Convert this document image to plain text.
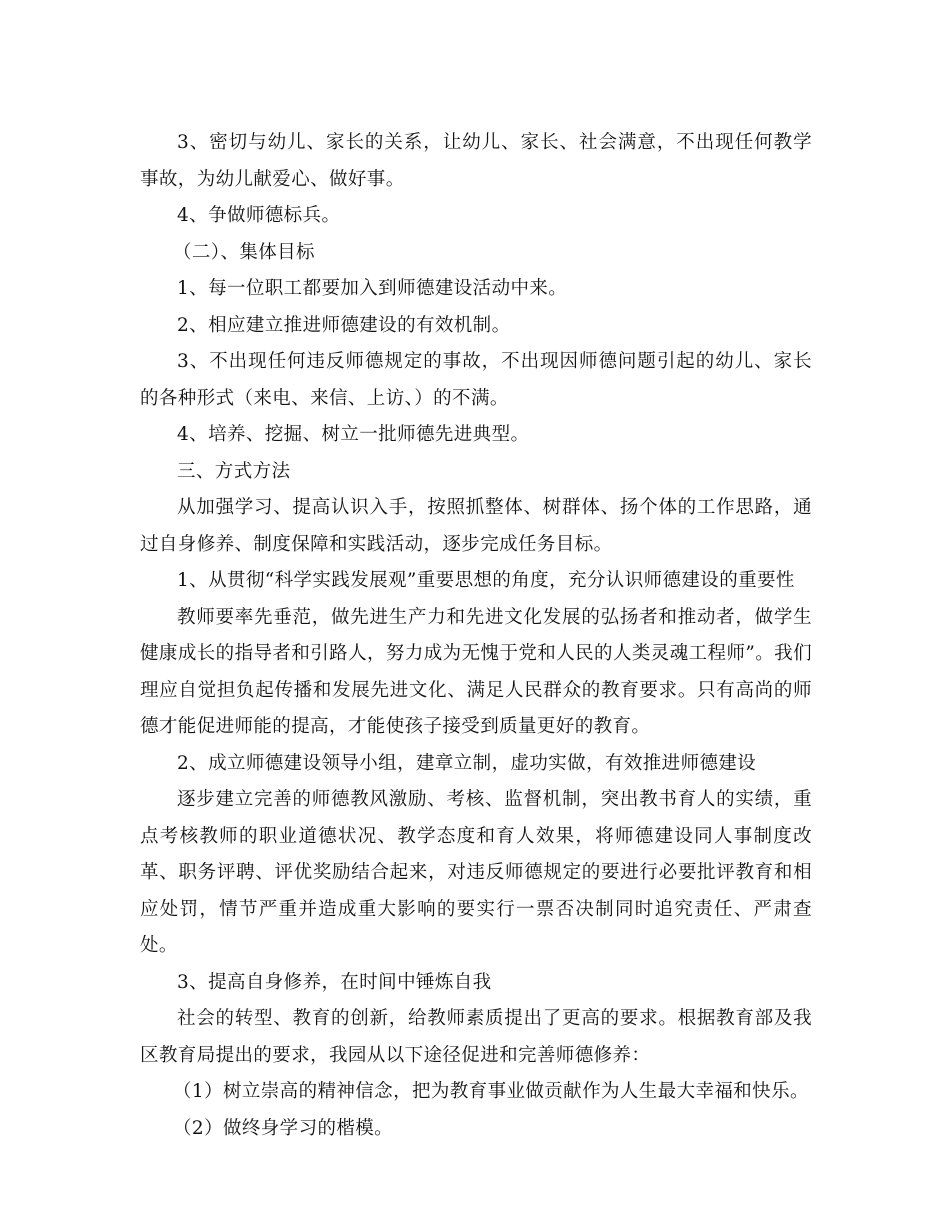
3、密切与幼儿、家长的关系，让幼儿、家长、社会满意，不出现任何教学事故，为幼儿献爱心、做好事。

4、争做师德标兵。

（二）、集体目标

1、每一位职工都要加入到师德建设活动中来。

2、相应建立推进师德建设的有效机制。

3、不出现任何违反师德规定的事故，不出现因师德问题引起的幼儿、家长的各种形式（来电、来信、上访、）的不满。

4、培养、挖掘、树立一批师德先进典型。

三、方式方法

从加强学习、提高认识入手，按照抓整体、树群体、扬个体的工作思路，通过自身修养、制度保障和实践活动，逐步完成任务目标。

1、从贯彻“科学实践发展观”重要思想的角度，充分认识师德建设的重要性

教师要率先垂范，做先进生产力和先进文化发展的弘扬者和推动者，做学生健康成长的指导者和引路人，努力成为无愧于党和人民的人类灵魂工程师”。我们理应自觉担负起传播和发展先进文化、满足人民群众的教育要求。只有高尚的师德才能促进师能的提高，才能使孩子接受到质量更好的教育。

2、成立师德建设领导小组，建章立制，虚功实做，有效推进师德建设

逐步建立完善的师德教风激励、考核、监督机制，突出教书育人的实绩，重点考核教师的职业道德状况、教学态度和育人效果，将师德建设同人事制度改革、职务评聘、评优奖励结合起来，对违反师德规定的要进行必要批评教育和相应处罚，情节严重并造成重大影响的要实行一票否决制同时追究责任、严肃查处。

3、提高自身修养，在时间中锤炼自我

社会的转型、教育的创新，给教师素质提出了更高的要求。根据教育部及我区教育局提出的要求，我园从以下途径促进和完善师德修养：

（1）树立崇高的精神信念，把为教育事业做贡献作为人生最大幸福和快乐。

（2）做终身学习的楷模。
